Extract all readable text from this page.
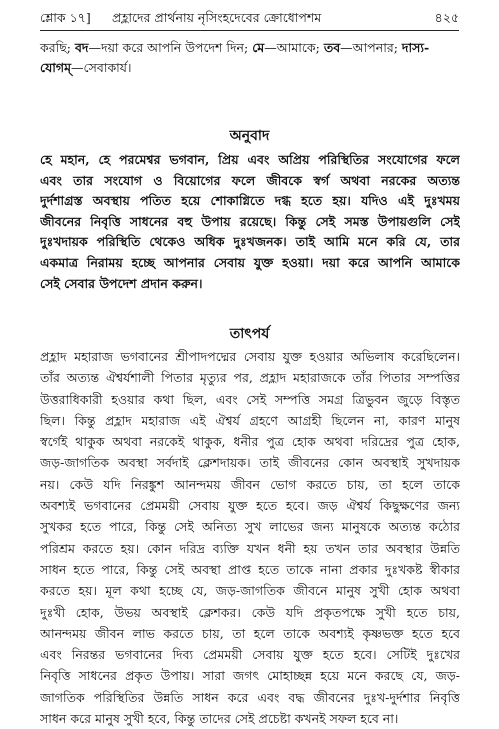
শ্লোক ১৭] প্রহ্লাদের প্রার্থনায় নৃসিংহদেবের ক্রোধোপশম	৪২৫
করছি; বদ—দয়া করে আপনি উপদেশ দিন; মে—আমাকে; তব—আপনার; দাস্য-
যোগম্—সেবাকার্য।
অনুবাদ
হে মহান, হে পরমেশ্বর ভগবান, প্রিয় এবং অপ্রিয় পরিস্থিতির সংযোগের ফলে
এবং তার সংযোগ ও বিয়োগের ফলে জীবকে স্বর্গ অথবা নরকের অত্যন্ত
দুর্দশাগ্রস্ত অবস্থায় পতিত হয়ে শোকাগ্নিতে দগ্ধ হতে হয়। যদিও এই দুঃখময়
জীবনের নিবৃত্তি সাধনের বহু উপায় রয়েছে। কিন্তু সেই সমস্ত উপায়গুলি সেই
দুঃখদায়ক পরিস্থিতি থেকেও অধিক দুঃখজনক। তাই আমি মনে করি যে, তার
একমাত্র নিরাময় হচ্ছে আপনার সেবায় যুক্ত হওয়া। দয়া করে আপনি আমাকে
সেই সেবার উপদেশ প্রদান করুন।
তাৎপর্য
প্রহ্লাদ মহারাজ ভগবানের শ্রীপাদপদ্মের সেবায় যুক্ত হওয়ার অভিলাষ করেছিলেন।
তাঁর অত্যন্ত ঐশ্বর্যশালী পিতার মৃত্যুর পর, প্রহ্লাদ মহারাজকে তাঁর পিতার সম্পত্তির
উত্তরাধিকারী হওয়ার কথা ছিল, এবং সেই সম্পত্তি সমগ্র ত্রিভুবন জুড়ে বিস্তৃত
ছিল। কিন্তু প্রহ্লাদ মহারাজ এই ঐশ্বর্য গ্রহণে আগ্রহী ছিলেন না, কারণ মানুষ
স্বর্গেই থাকুক অথবা নরকেই থাকুক, ধনীর পুত্র হোক অথবা দরিদ্রের পুত্র হোক,
জড়-জাগতিক অবস্থা সর্বদাই ক্লেশদায়ক। তাই জীবনের কোন অবস্থাই সুখদায়ক
নয়। কেউ যদি নিরঙ্কুশ আনন্দময় জীবন ভোগ করতে চায়, তা হলে তাকে
অবশ্যই ভগবানের প্রেমময়ী সেবায় যুক্ত হতে হবে। জড় ঐশ্বর্য কিছুক্ষণের জন্য
সুখকর হতে পারে, কিন্তু সেই অনিত্য সুখ লাভের জন্য মানুষকে অত্যন্ত কঠোর
পরিশ্রম করতে হয়। কোন দরিদ্র ব্যক্তি যখন ধনী হয় তখন তার অবস্থার উন্নতি
সাধন হতে পারে, কিন্তু সেই অবস্থা প্রাপ্ত হতে তাকে নানা প্রকার দুঃখকষ্ট স্বীকার
করতে হয়। মূল কথা হচ্ছে যে, জড়-জাগতিক জীবনে মানুষ সুখী হোক অথবা
দুঃখী হোক, উভয় অবস্থাই ক্লেশকর। কেউ যদি প্রকৃতপক্ষে সুখী হতে চায়,
আনন্দময় জীবন লাভ করতে চায়, তা হলে তাকে অবশ্যই কৃষ্ণভক্ত হতে হবে
এবং নিরন্তর ভগবানের দিব্য প্রেমময়ী সেবায় যুক্ত হতে হবে। সেটিই দুঃখের
নিবৃত্তি সাধনের প্রকৃত উপায়। সারা জগৎ মোহাচ্ছন্ন হয়ে মনে করছে যে, জড়-
জাগতিক পরিস্থিতির উন্নতি সাধন করে এবং বদ্ধ জীবনের দুঃখ-দুর্দশার নিবৃত্তি
সাধন করে মানুষ সুখী হবে, কিন্তু তাদের সেই প্রচেষ্টা কখনই সফল হবে না।
